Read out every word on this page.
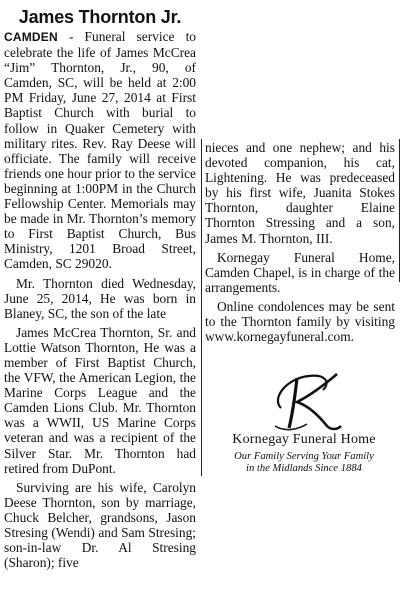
James Thornton Jr.

CAMDEN - Funeral service to celebrate the life of James McCrea “Jim” Thornton, Jr., 90, of Camden, SC, will be held at 2:00 PM Friday, June 27, 2014 at First Baptist Church with burial to follow in Quaker Cemetery with military rites. Rev. Ray Deese will officiate. The family will receive friends one hour prior to the service beginning at 1:00PM in the Church Fellowship Center. Memorials may be made in Mr. Thornton’s memory to First Baptist Church, Bus Ministry, 1201 Broad Street, Camden, SC 29020.

Mr. Thornton died Wednesday, June 25, 2014, He was born in Blaney, SC, the son of the late

James McCrea Thornton, Sr. and Lottie Watson Thornton, He was a member of First Baptist Church, the VFW, the American Legion, the Marine Corps League and the Camden Lions Club. Mr. Thornton was a WWII, US Marine Corps veteran and was a recipient of the Silver Star. Mr. Thornton had retired from DuPont.

Surviving are his wife, Carolyn Deese Thornton, son by marriage, Chuck Belcher, grandsons, Jason Stresing (Wendi) and Sam Stresing; son-in-law Dr. Al Stresing (Sharon); five

nieces and one nephew; and his devoted companion, his cat, Lightening. He was predeceased by his first wife, Juanita Stokes Thornton, daughter Elaine Thornton Stressing and a son, James M. Thornton, III.

Kornegay Funeral Home, Camden Chapel, is in charge of the arrangements.

Online condolences may be sent to the Thornton family by visiting www.kornegayfuneral.com.

Kornegay Funeral Home
Our Family Serving Your Family
in the Midlands Since 1884
